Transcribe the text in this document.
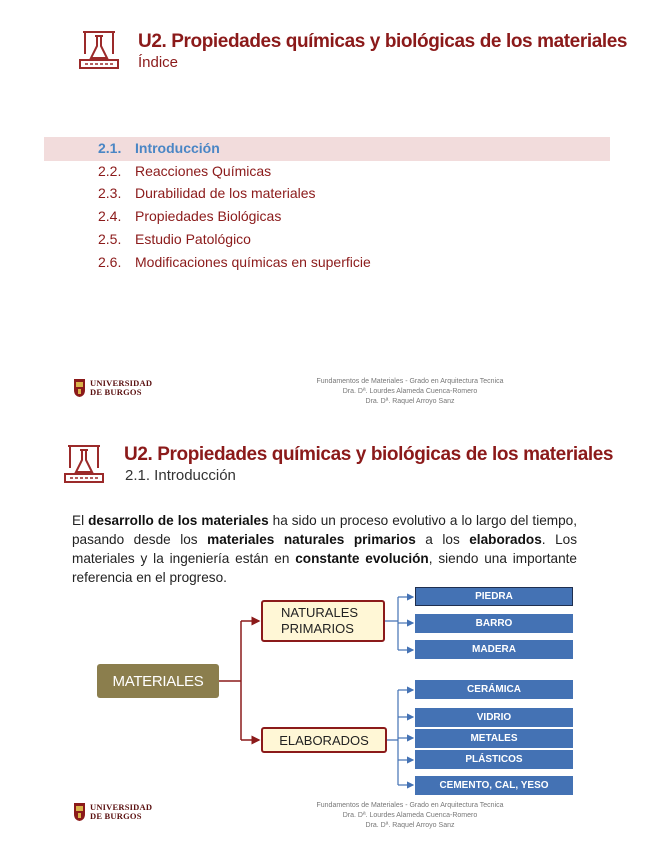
U2. Propiedades químicas y biológicas de los materiales
Índice
2.1. Introducción
2.2. Reacciones Químicas
2.3. Durabilidad de los materiales
2.4. Propiedades Biológicas
2.5. Estudio Patológico
2.6. Modificaciones químicas en superficie
UNIVERSIDAD
DE BURGOS
Fundamentos de Materiales - Grado en Arquitectura Tecnica
Dra. Dª. Lourdes Alameda Cuenca-Romero
Dra. Dª. Raquel Arroyo Sanz
U2. Propiedades químicas y biológicas de los materiales
2.1. Introducción
El desarrollo de los materiales ha sido un proceso evolutivo a lo largo del tiempo, pasando desde los materiales naturales primarios a los elaborados. Los materiales y la ingeniería están en constante evolución, siendo una importante referencia en el progreso.
MATERIALES
NATURALES
PRIMARIOS
ELABORADOS
PIEDRA
BARRO
MADERA
CERÁMICA
VIDRIO
METALES
PLÁSTICOS
CEMENTO, CAL, YESO
UNIVERSIDAD
DE BURGOS
Fundamentos de Materiales - Grado en Arquitectura Tecnica
Dra. Dª. Lourdes Alameda Cuenca-Romero
Dra. Dª. Raquel Arroyo Sanz
